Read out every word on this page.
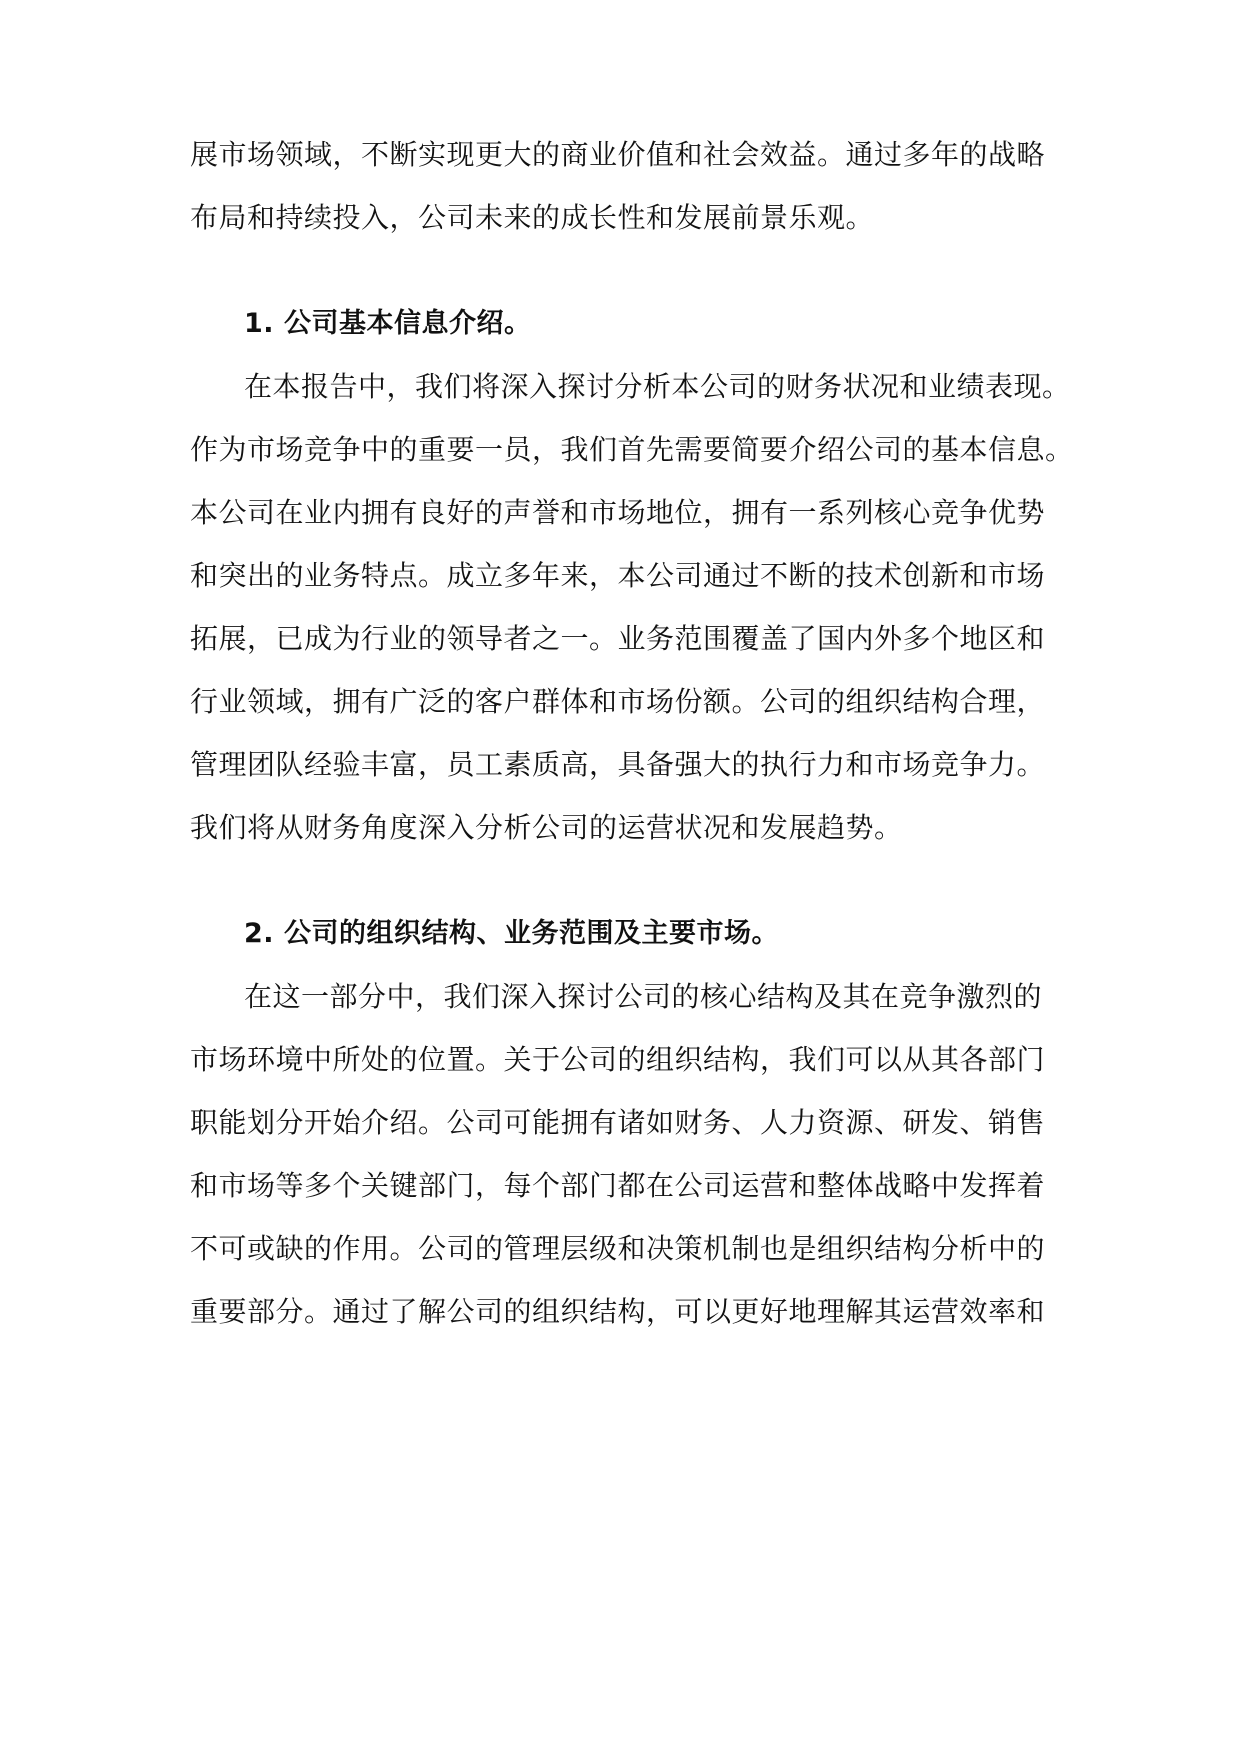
展市场领域，不断实现更大的商业价值和社会效益。通过多年的战略
布局和持续投入，公司未来的成长性和发展前景乐观。
1. 公司基本信息介绍。
在本报告中，我们将深入探讨分析本公司的财务状况和业绩表现。
作为市场竞争中的重要一员，我们首先需要简要介绍公司的基本信息。
本公司在业内拥有良好的声誉和市场地位，拥有一系列核心竞争优势
和突出的业务特点。成立多年来，本公司通过不断的技术创新和市场
拓展，已成为行业的领导者之一。业务范围覆盖了国内外多个地区和
行业领域，拥有广泛的客户群体和市场份额。公司的组织结构合理，
管理团队经验丰富，员工素质高，具备强大的执行力和市场竞争力。
我们将从财务角度深入分析公司的运营状况和发展趋势。
2. 公司的组织结构、业务范围及主要市场。
在这一部分中，我们深入探讨公司的核心结构及其在竞争激烈的
市场环境中所处的位置。关于公司的组织结构，我们可以从其各部门
职能划分开始介绍。公司可能拥有诸如财务、人力资源、研发、销售
和市场等多个关键部门，每个部门都在公司运营和整体战略中发挥着
不可或缺的作用。公司的管理层级和决策机制也是组织结构分析中的
重要部分。通过了解公司的组织结构，可以更好地理解其运营效率和
